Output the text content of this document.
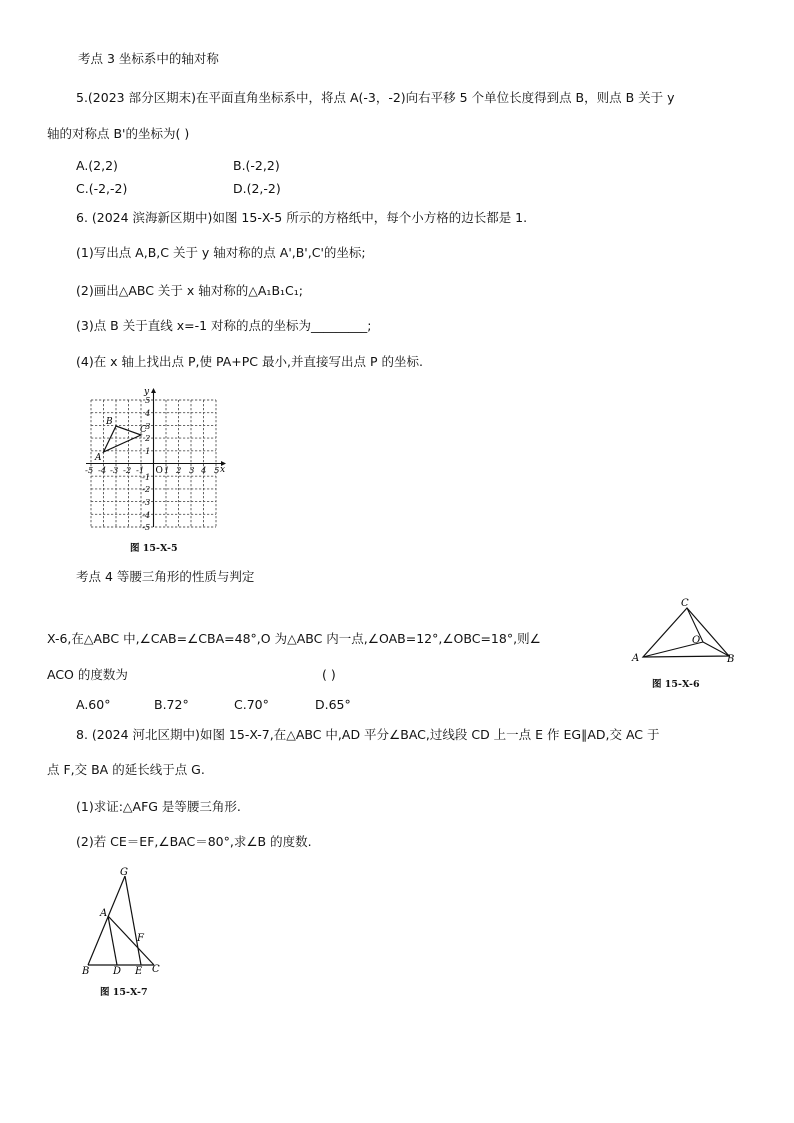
考点 3 坐标系中的轴对称
5.(2023 部分区期末)在平面直角坐标系中，将点 A(-3，-2)向右平移 5 个单位长度得到点 B，则点 B 关于 y
轴的对称点 B'的坐标为( )
A.(2,2)	B.(-2,2)
C.(-2,-2)	D.(2,-2)
6. (2024 滨海新区期中)如图 15-X-5 所示的方格纸中，每个小方格的边长都是 1.
(1)写出点 A,B,C 关于 y 轴对称的点 A',B',C'的坐标;
(2)画出△ABC 关于 x 轴对称的△A₁B₁C₁;
(3)点 B 关于直线 x=-1 对称的点的坐标为_________;
(4)在 x 轴上找出点 P,使 PA+PC 最小,并直接写出点 P 的坐标.
x
y
O
-5 -4 -3 -2 -1 1 2 3 4 5
5
4
3
2
1
-1
-2
-3
-4
-5
A
B
C
图 15-X-5
考点 4 等腰三角形的性质与判定
X-6,在△ABC 中,∠CAB=∠CBA=48°,O 为△ABC 内一点,∠OAB=12°,∠OBC=18°,则∠
ACO 的度数为	( )
A.60°	B.72°	C.70°	D.65°
C
A	B
O
图 15-X-6
8. (2024 河北区期中)如图 15-X-7,在△ABC 中,AD 平分∠BAC,过线段 CD 上一点 E 作 EG∥AD,交 AC 于
点 F,交 BA 的延长线于点 G.
(1)求证:△AFG 是等腰三角形.
(2)若 CE＝EF,∠BAC＝80°,求∠B 的度数.
G
A
F
B D E C
图 15-X-7
